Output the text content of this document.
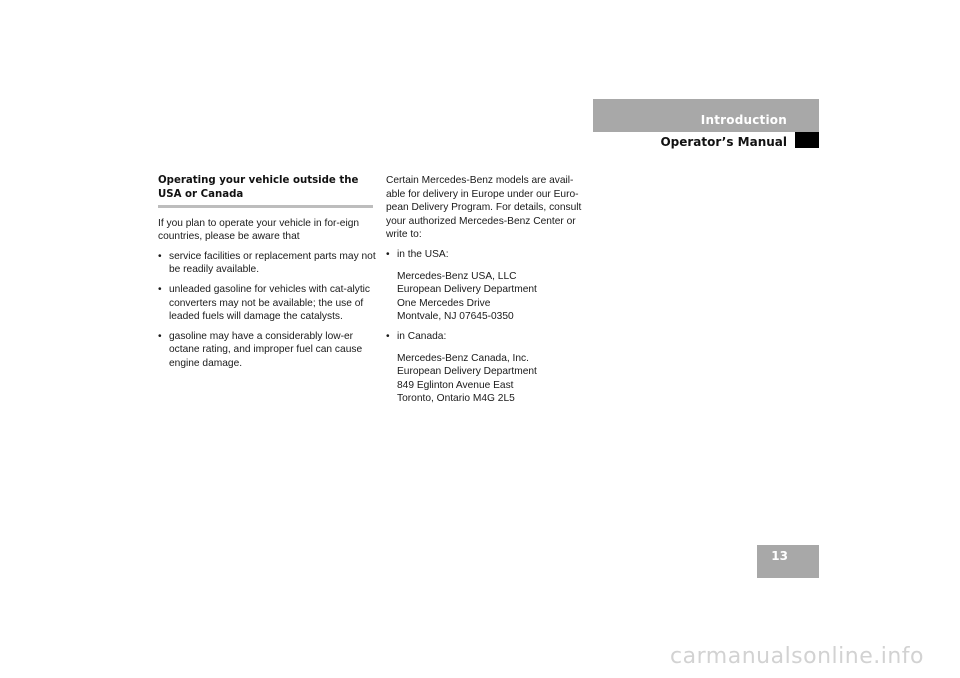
Introduction
Operator’s Manual
Operating your vehicle outside the USA or Canada

If you plan to operate your vehicle in for-eign countries, please be aware that

• service facilities or replacement parts may not be readily available.
• unleaded gasoline for vehicles with cat-alytic converters may not be available; the use of leaded fuels will damage the catalysts.
• gasoline may have a considerably low-er octane rating, and improper fuel can cause engine damage.

Certain Mercedes-Benz models are avail-able for delivery in Europe under our Euro-pean Delivery Program. For details, consult your authorized Mercedes-Benz Center or write to:

• in the USA:
Mercedes-Benz USA, LLC
European Delivery Department
One Mercedes Drive
Montvale, NJ 07645-0350
• in Canada:
Mercedes-Benz Canada, Inc.
European Delivery Department
849 Eglinton Avenue East
Toronto, Ontario M4G 2L5
13
carmanualsonline.info
